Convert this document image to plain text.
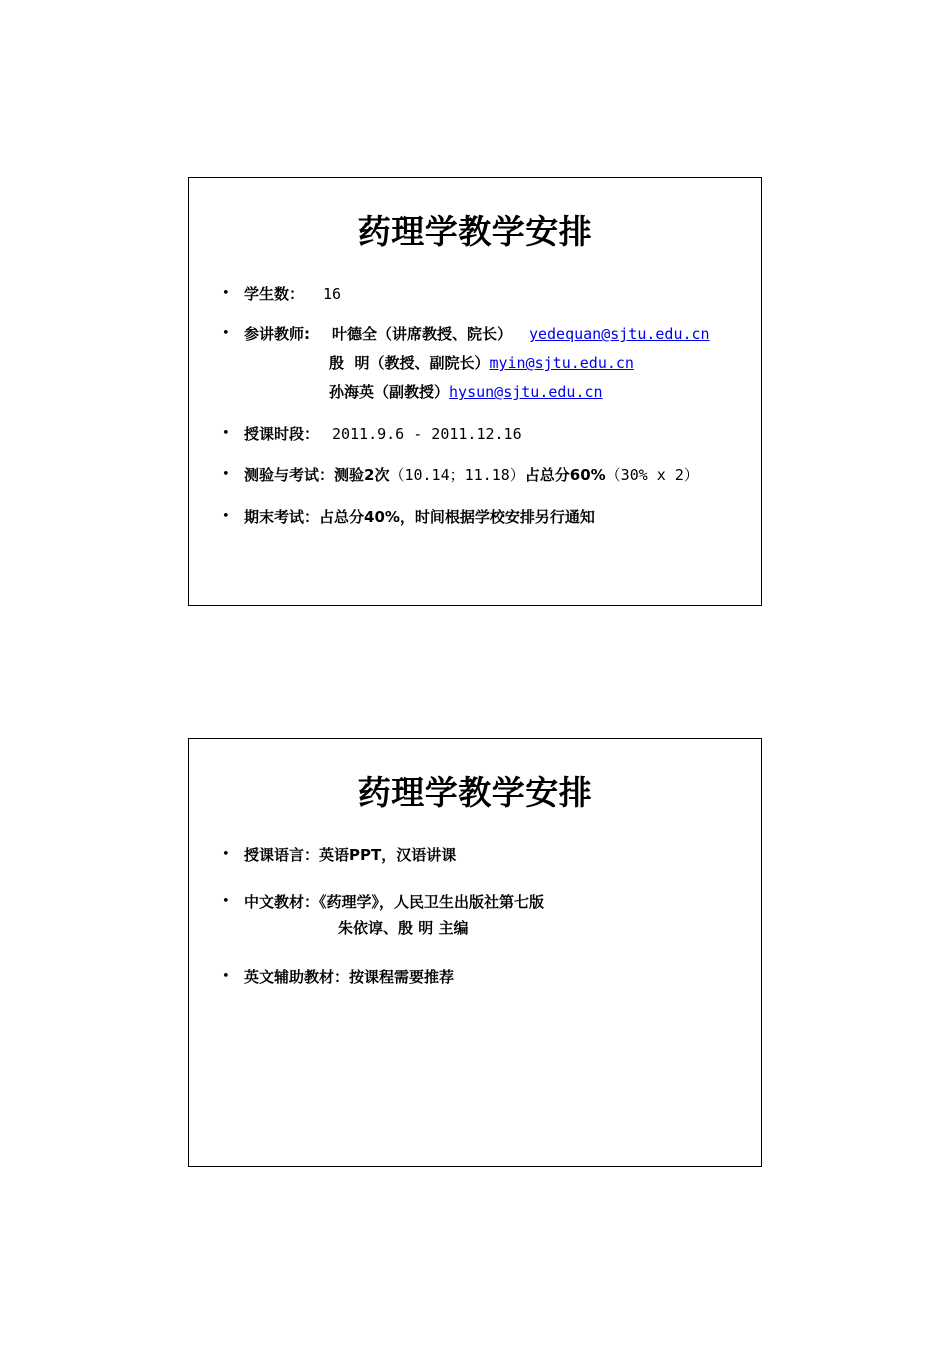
药理学教学安排
• 学生数： 16
• 参讲教师: 叶德全（讲席教授、院长） yedequan@sjtu.edu.cn
殷  明（教授、副院长）myin@sjtu.edu.cn
孙海英（副教授）hysun@sjtu.edu.cn
• 授课时段： 2011.9.6 - 2011.12.16
• 测验与考试：测验2次（10.14；11.18）占总分60%（30% x 2）
• 期末考试：占总分40%，时间根据学校安排另行通知
药理学教学安排
• 授课语言：英语PPT，汉语讲课
• 中文教材：《药理学》，人民卫生出版社第七版
朱依谆、殷 明 主编
• 英文辅助教材：按课程需要推荐
